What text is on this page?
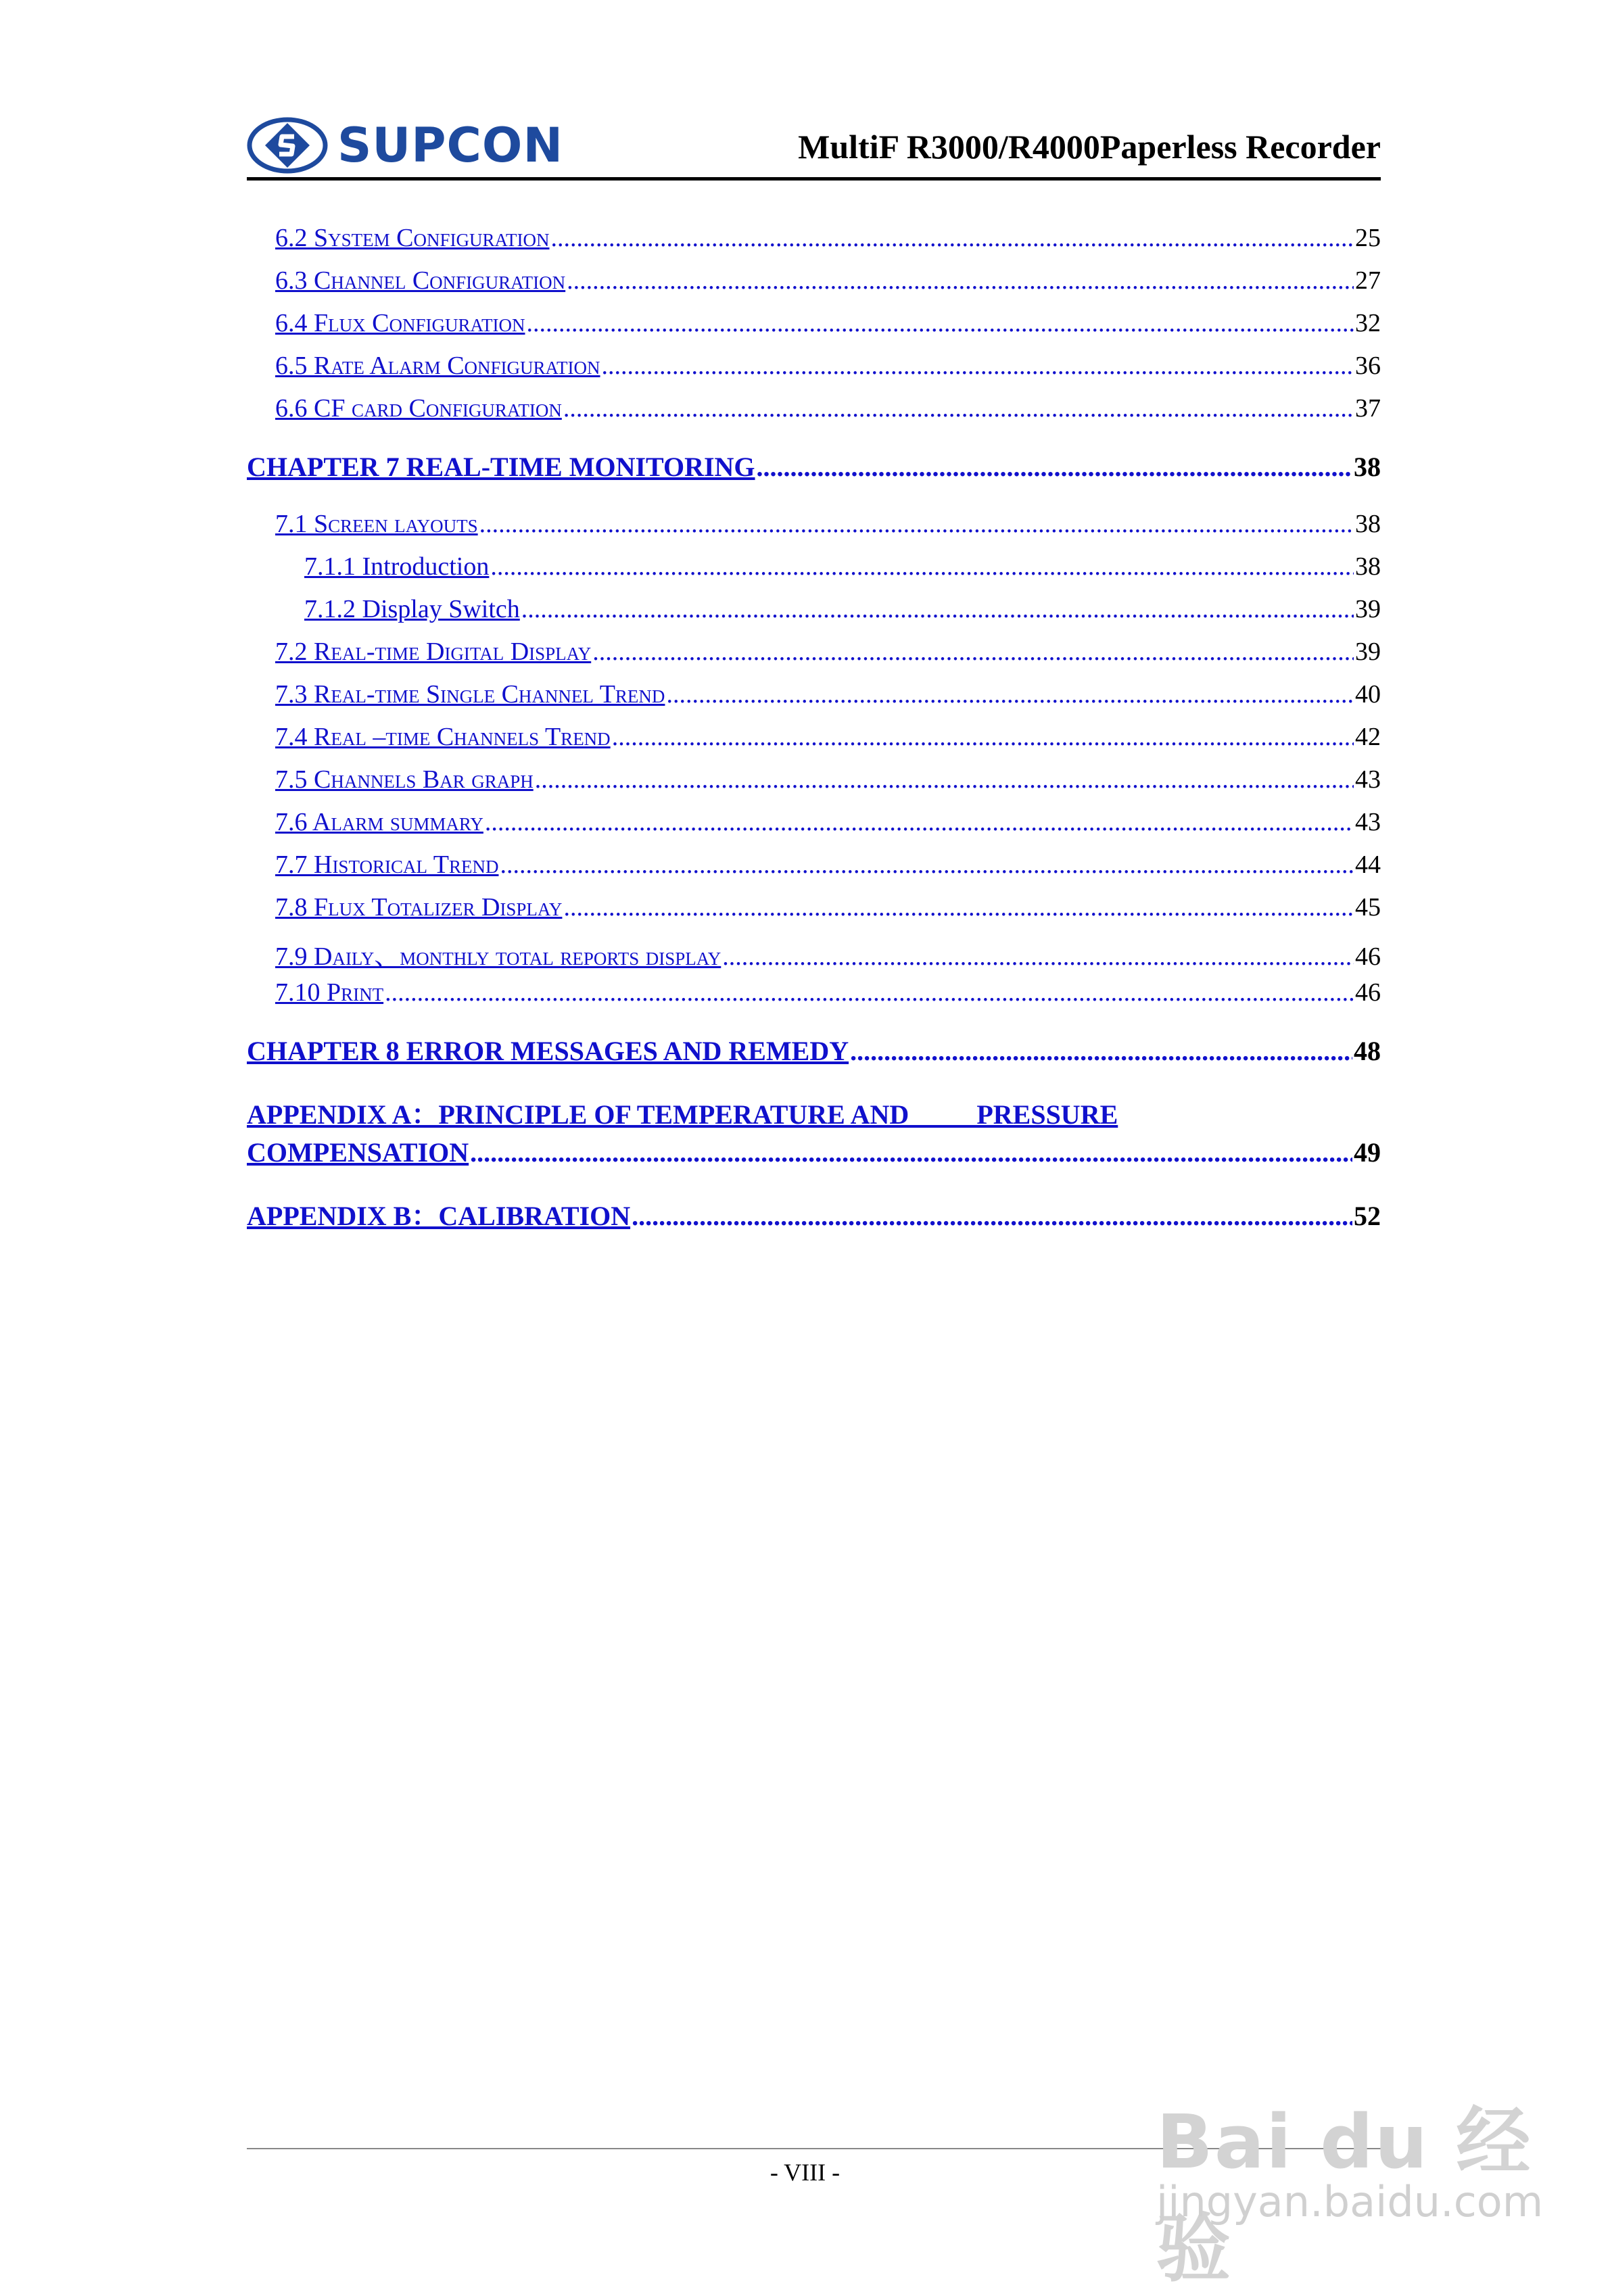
SUPCON	MultiF R3000/R4000Paperless Recorder
6.2 System Configuration .....	25
6.3 Channel Configuration .....	27
6.4 Flux Configuration .....	32
6.5 Rate Alarm Configuration .....	36
6.6 CF card Configuration .....	37
CHAPTER 7 REAL-TIME MONITORING .....	38
7.1 Screen layouts .....	38
7.1.1 Introduction .....	38
7.1.2 Display Switch .....	39
7.2 Real-time Digital Display .....	39
7.3 Real-time Single Channel Trend .....	40
7.4 Real –time Channels Trend .....	42
7.5 Channels Bar graph .....	43
7.6 Alarm summary .....	43
7.7 Historical Trend .....	44
7.8 Flux Totalizer Display .....	45
7.9 Daily、monthly total reports display .....	46
7.10 Print .....	46
CHAPTER 8 ERROR MESSAGES AND REMEDY .....	48
APPENDIX A：PRINCIPLE OF TEMPERATURE AND          PRESSURE
COMPENSATION .....	49
APPENDIX B：CALIBRATION .....	52
- VIII -	Bai du 经验
jingyan.baidu.com
